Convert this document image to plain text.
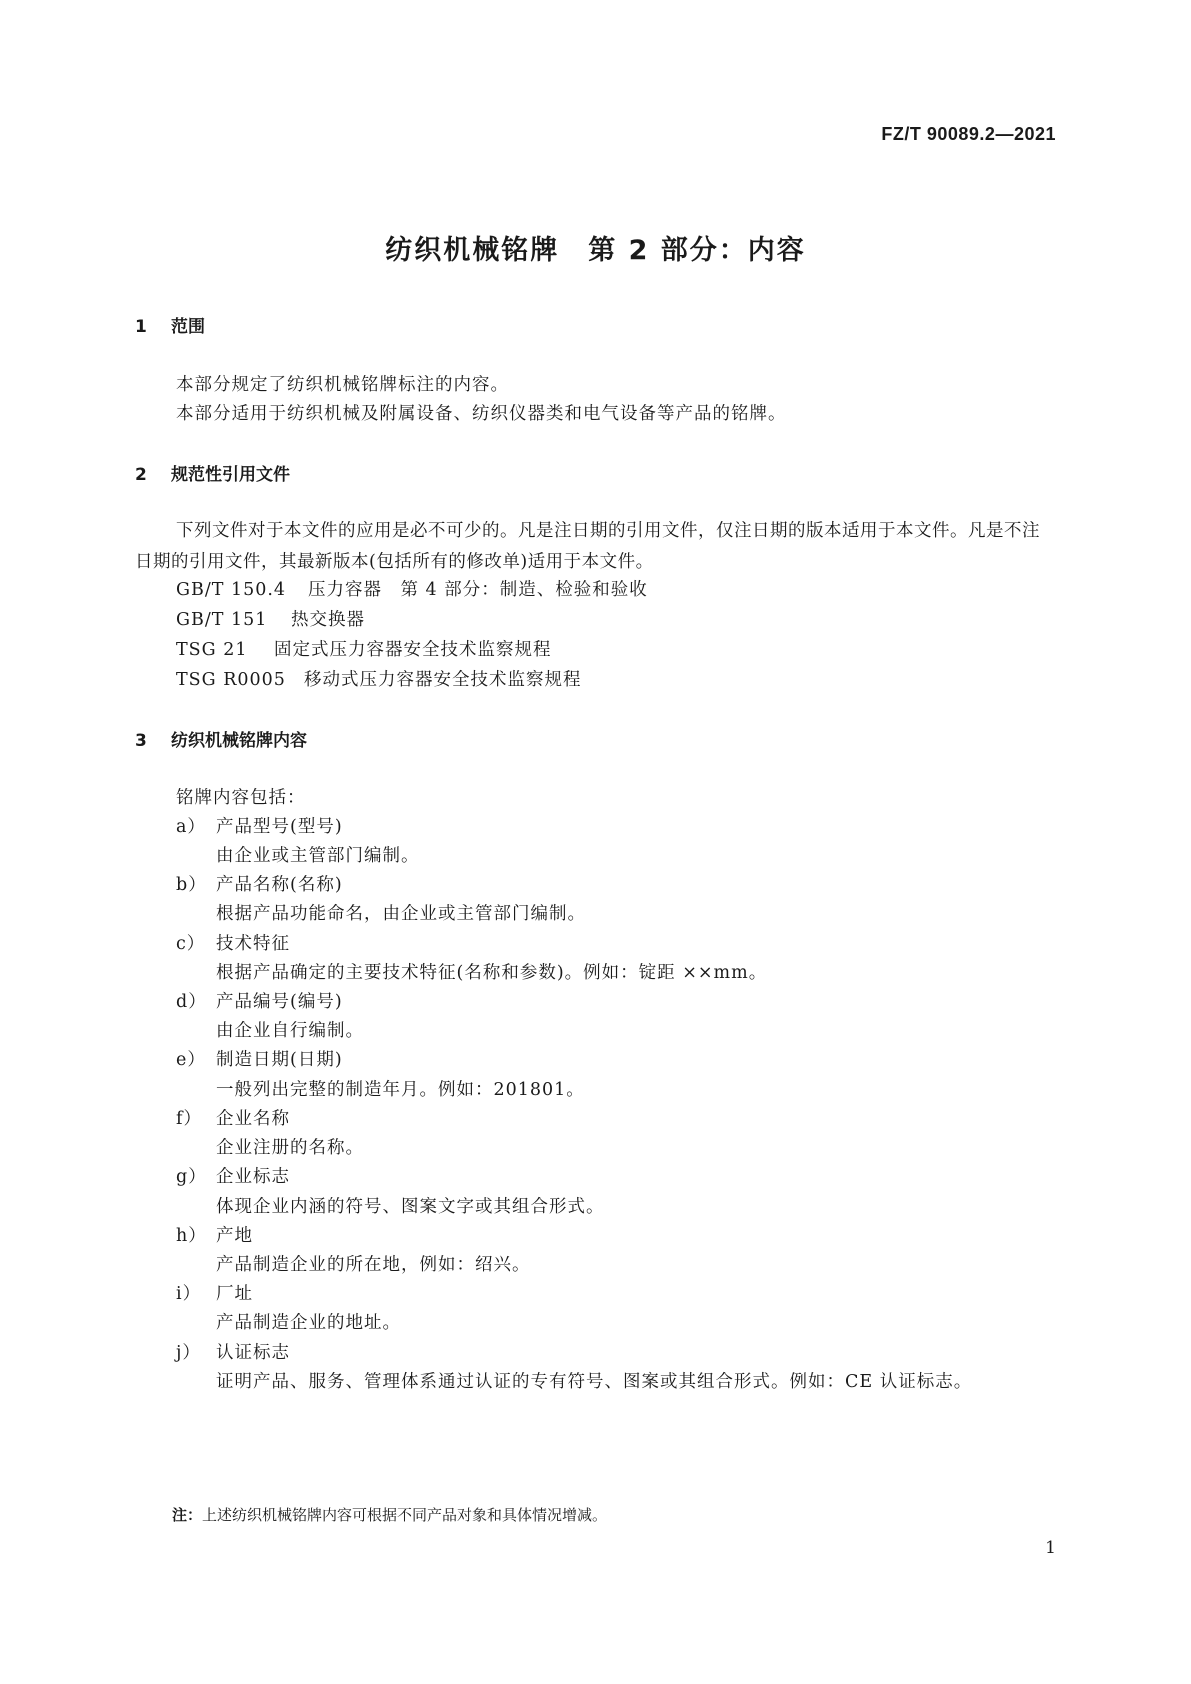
FZ/T 90089.2—2021
纺织机械铭牌　第 2 部分：内容
1 范围
本部分规定了纺织机械铭牌标注的内容。
本部分适用于纺织机械及附属设备、纺织仪器类和电气设备等产品的铭牌。
2 规范性引用文件
下列文件对于本文件的应用是必不可少的。凡是注日期的引用文件，仅注日期的版本适用于本文件。凡是不注日期的引用文件，其最新版本(包括所有的修改单)适用于本文件。
GB/T 150.4 压力容器　第 4 部分：制造、检验和验收
GB/T 151 热交换器
TSG 21 固定式压力容器安全技术监察规程
TSG R0005 移动式压力容器安全技术监察规程
3 纺织机械铭牌内容
铭牌内容包括：
a） 产品型号(型号)
由企业或主管部门编制。
b） 产品名称(名称)
根据产品功能命名，由企业或主管部门编制。
c） 技术特征
根据产品确定的主要技术特征(名称和参数)。例如：锭距 ××mm。
d） 产品编号(编号)
由企业自行编制。
e） 制造日期(日期)
一般列出完整的制造年月。例如：201801。
f） 企业名称
企业注册的名称。
g） 企业标志
体现企业内涵的符号、图案文字或其组合形式。
h） 产地
产品制造企业的所在地，例如：绍兴。
i） 厂址
产品制造企业的地址。
j） 认证标志
证明产品、服务、管理体系通过认证的专有符号、图案或其组合形式。例如：CE 认证标志。
注：上述纺织机械铭牌内容可根据不同产品对象和具体情况增减。
1
